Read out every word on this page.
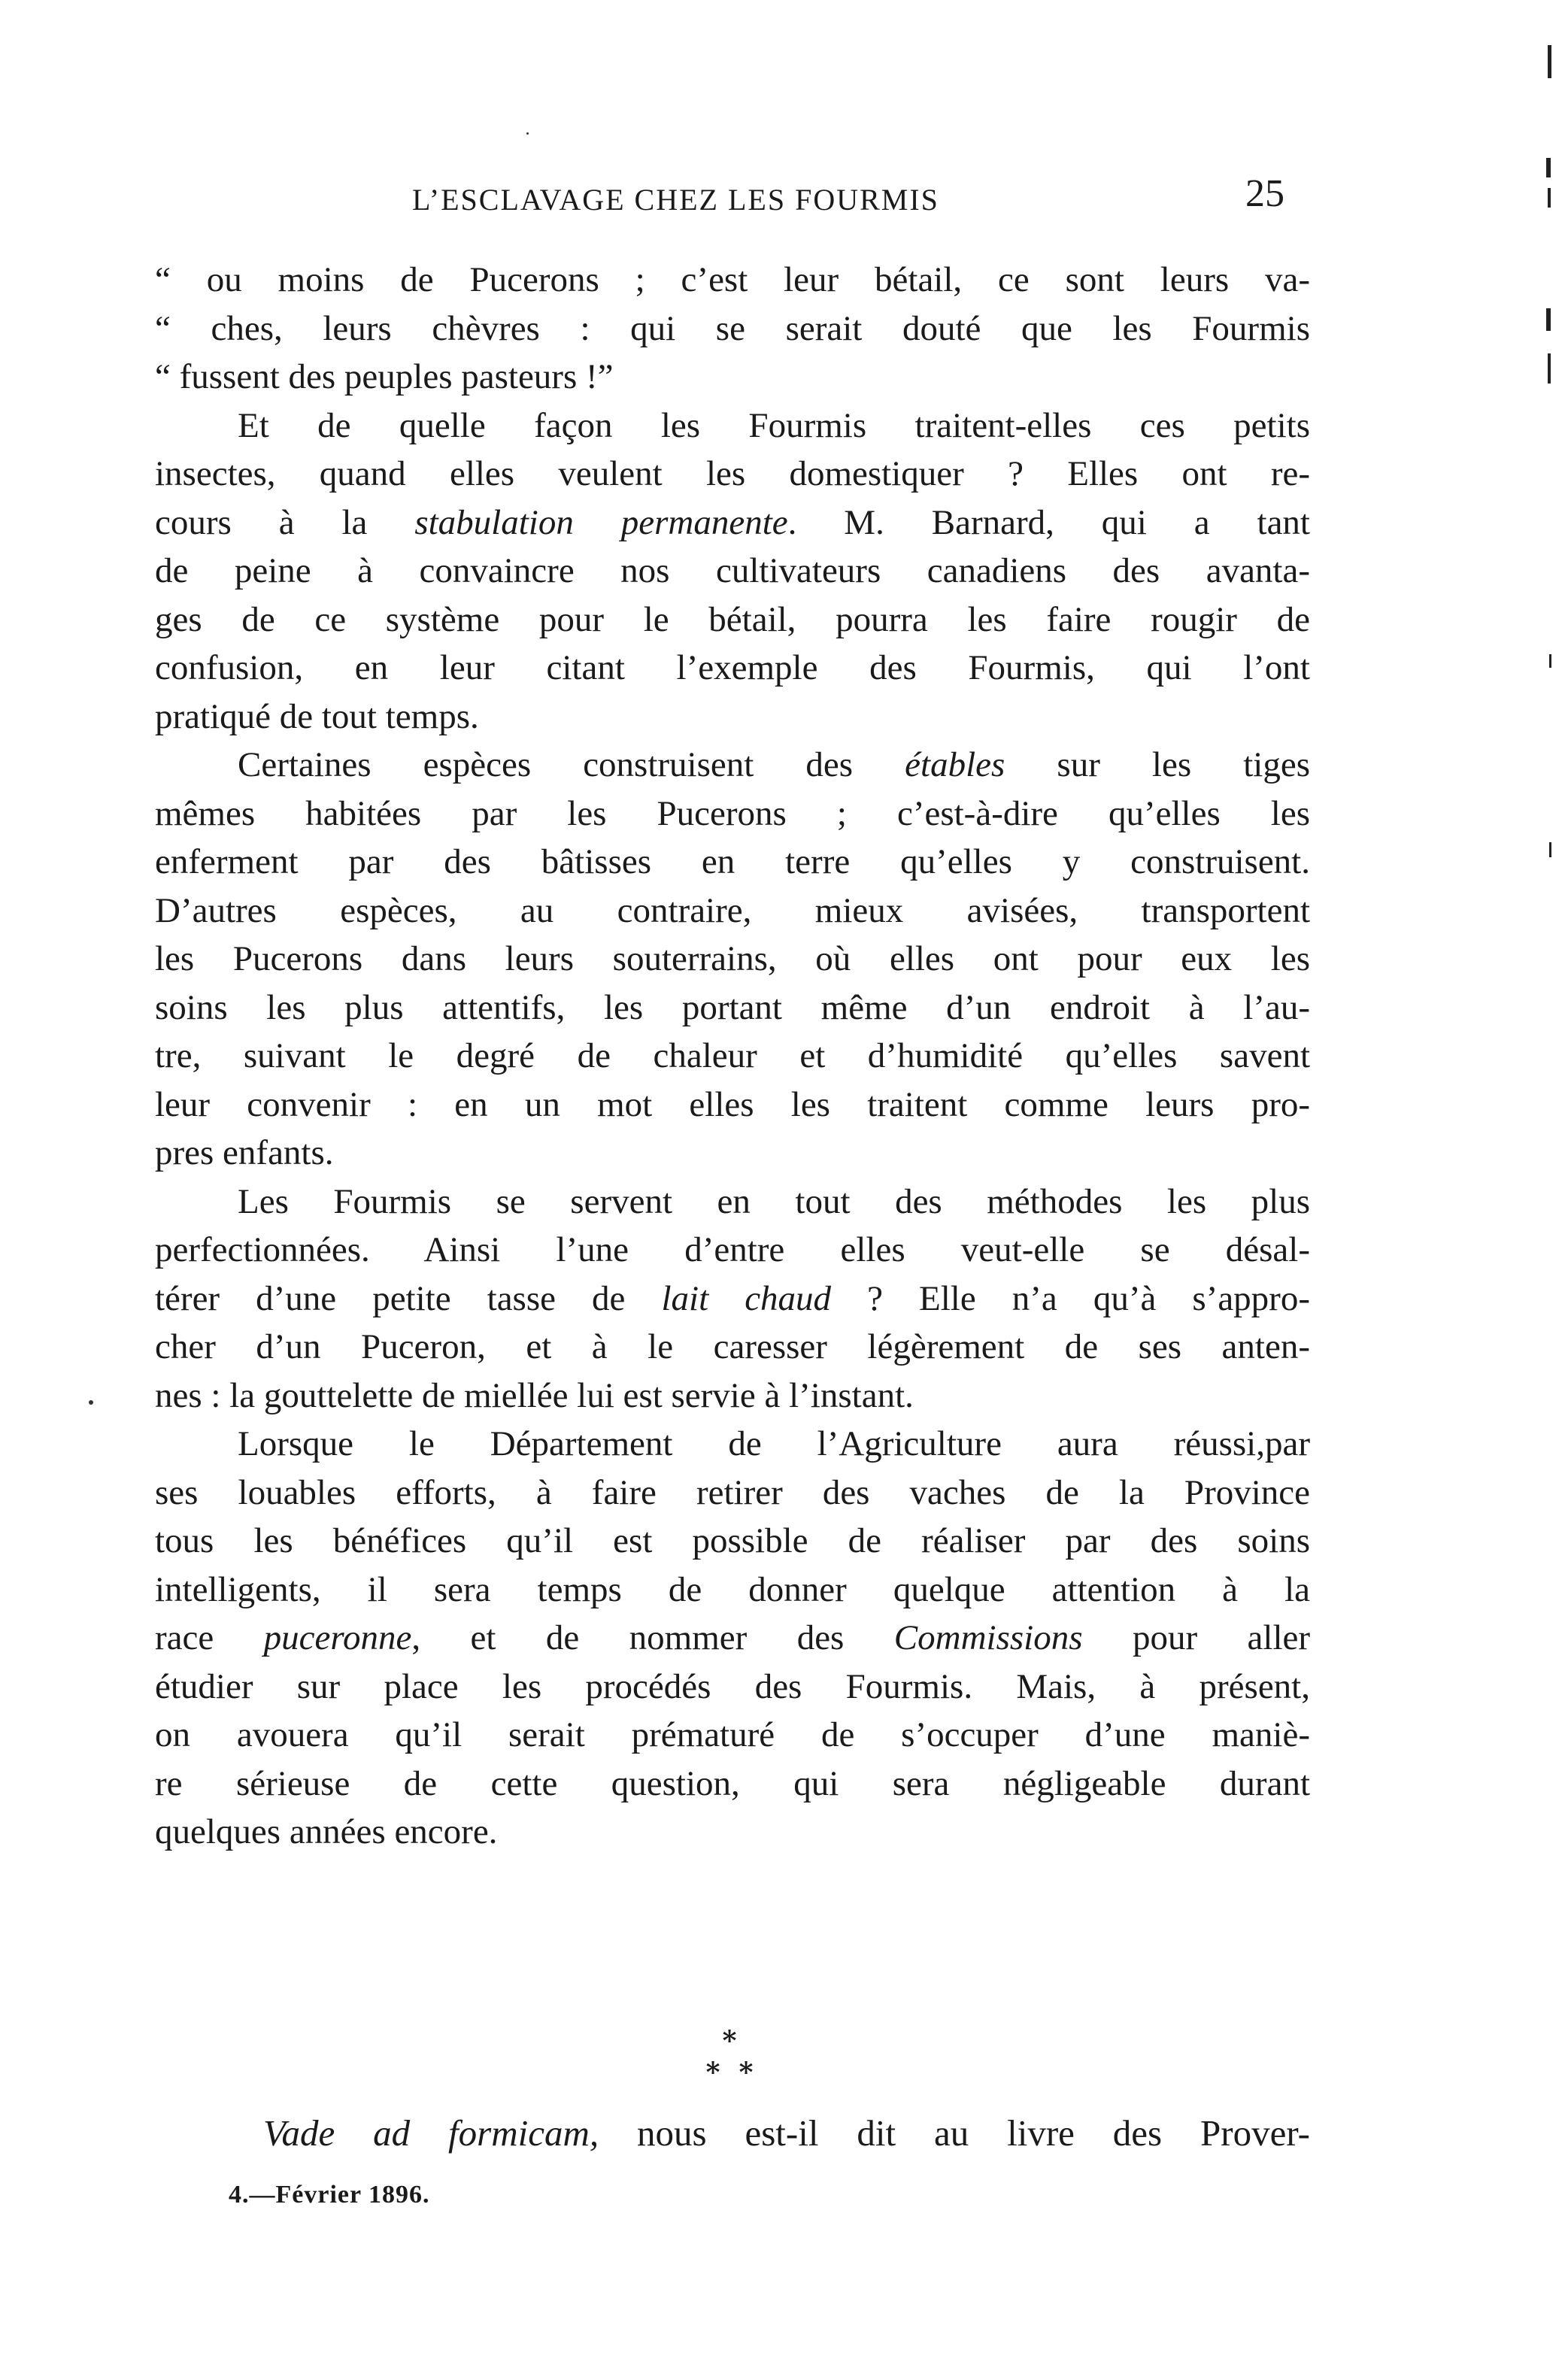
L’ESCLAVAGE CHEZ LES FOURMIS	25
“ ou moins de Pucerons ; c’est leur bétail, ce sont leurs va-
“ ches, leurs chèvres : qui se serait douté que les Fourmis
“ fussent des peuples pasteurs !”
Et de quelle façon les Fourmis traitent-elles ces petits
insectes, quand elles veulent les domestiquer ? Elles ont re-
cours à la stabulation permanente. M. Barnard, qui a tant
de peine à convaincre nos cultivateurs canadiens des avanta-
ges de ce système pour le bétail, pourra les faire rougir de
confusion, en leur citant l’exemple des Fourmis, qui l’ont
pratiqué de tout temps.
Certaines espèces construisent des étables sur les tiges
mêmes habitées par les Pucerons ; c’est-à-dire qu’elles les
enferment par des bâtisses en terre qu’elles y construisent.
D’autres espèces, au contraire, mieux avisées, transportent
les Pucerons dans leurs souterrains, où elles ont pour eux les
soins les plus attentifs, les portant même d’un endroit à l’au-
tre, suivant le degré de chaleur et d’humidité qu’elles savent
leur convenir : en un mot elles les traitent comme leurs pro-
pres enfants.
Les Fourmis se servent en tout des méthodes les plus
perfectionnées. Ainsi l’une d’entre elles veut-elle se désal-
térer d’une petite tasse de lait chaud ? Elle n’a qu’à s’appro-
cher d’un Puceron, et à le caresser légèrement de ses anten-
nes : la gouttelette de miellée lui est servie à l’instant.
Lorsque le Département de l’Agriculture aura réussi,par
ses louables efforts, à faire retirer des vaches de la Province
tous les bénéfices qu’il est possible de réaliser par des soins
intelligents, il sera temps de donner quelque attention à la
race puceronne, et de nommer des Commissions pour aller
étudier sur place les procédés des Fourmis. Mais, à présent,
on avouera qu’il serait prématuré de s’occuper d’une maniè-
re sérieuse de cette question, qui sera négligeable durant
quelques années encore.
*
* *
Vade ad formicam, nous est-il dit au livre des Prover-
4.—Février 1896.
